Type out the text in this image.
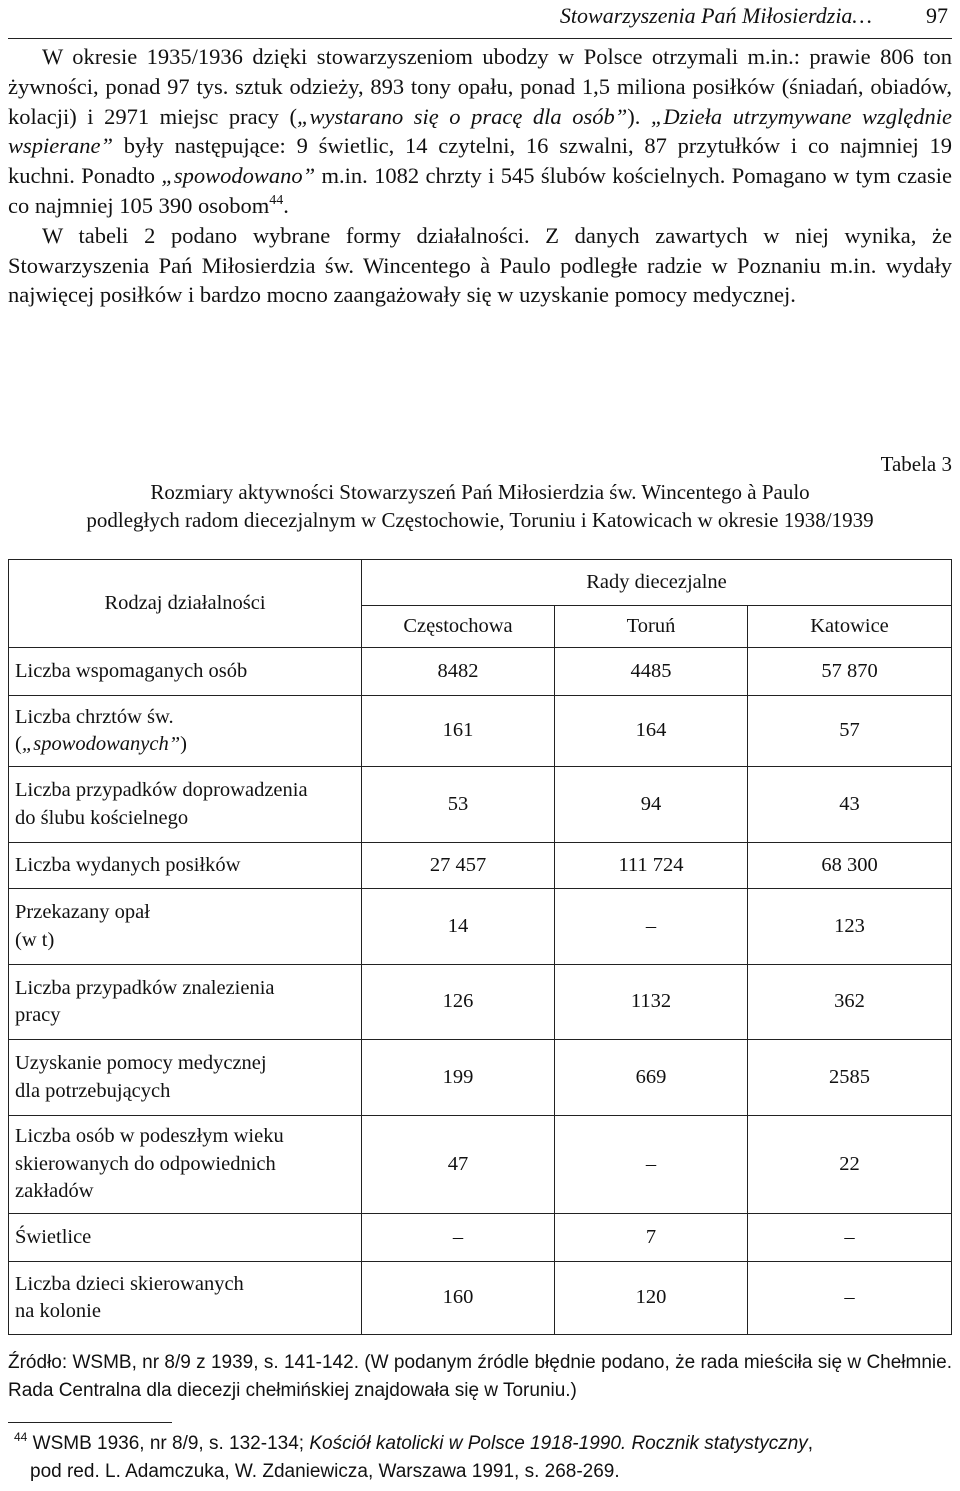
Stowarzyszenia Pań Miłosierdzia… 97

W okresie 1935/1936 dzięki stowarzyszeniom ubodzy w Polsce otrzymali m.in.: prawie 806 ton żywności, ponad 97 tys. sztuk odzieży, 893 tony opału, ponad 1,5 miliona posiłków (śniadań, obiadów, kolacji) i 2971 miejsc pracy („wystarano się o pracę dla osób”). „Dzieła utrzymywane względnie wspierane” były następujące: 9 świetlic, 14 czytelni, 16 szwalni, 87 przytułków i co najmniej 19 kuchni. Ponadto „spowodowano” m.in. 1082 chrzty i 545 ślubów kościelnych. Pomagano w tym czasie co najmniej 105 390 osobom$^{44}$.

W tabeli 2 podano wybrane formy działalności. Z danych zawartych w niej wynika, że Stowarzyszenia Pań Miłosierdzia św. Wincentego à Paulo podległe radzie w Poznaniu m.in. wydały najwięcej posiłków i bardzo mocno zaangażowały się w uzyskanie pomocy medycznej.

Tabela 3
Rozmiary aktywności Stowarzyszeń Pań Miłosierdzia św. Wincentego à Paulo
podległych radom diecezjalnym w Częstochowie, Toruniu i Katowicach w okresie 1938/1939
Rodzaj działalności	Rady diecezjalne		
	Częstochowa	Toruń	Katowice
Liczba wspomaganych osób	8482	4485	57 870

Liczba chrztów św.
(„spowodowanych”)	161	164	57

Liczba przypadków doprowadzenia
do ślubu kościelnego	53	94	43
Liczba wydanych posiłków	27 457	111 724	68 300

Przekazany opał
(w t)	14	–	123

Liczba przypadków znalezienia
pracy	126	1132	362

Uzyskanie pomocy medycznej
dla potrzebujących	199	669	2585

Liczba osób w podeszłym wieku
skierowanych do odpowiednich
zakładów	47	–	22
Świetlice	–	7	–

Liczba dzieci skierowanych
na kolonie	160	120	–
Źródło: WSMB, nr 8/9 z 1939, s. 141-142. (W podanym źródle błędnie podano, że rada mieściła się w Chełmnie. Rada Centralna dla diecezji chełmińskiej znajdowała się w Toruniu.)
$^{44}$ WSMB 1936, nr 8/9, s. 132-134; Kościół katolicki w Polsce 1918-1990. Rocznik statystyczny,
pod red. L. Adamczuka, W. Zdaniewicza, Warszawa 1991, s. 268-269.
